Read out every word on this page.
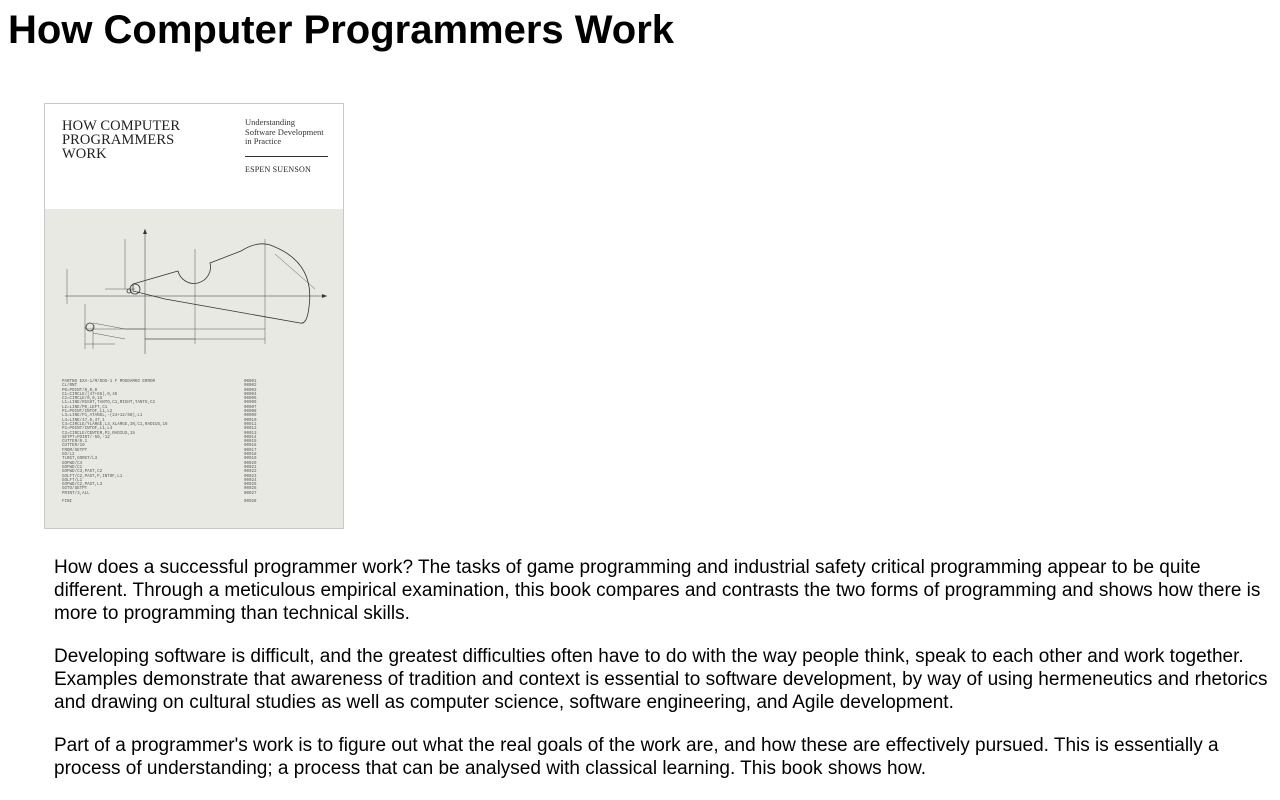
How Computer Programmers Work
HOW COMPUTER
PROGRAMMERS
WORK
Understanding
Software Development
in Practice
ESPEN SUENSON
PARTNO EXA-1/M/DOS-1 F MODDAMKO ERROR	00001
CL/RNT	00002
P0=POINT/0,0,0	00003
C1=CIRCLE/(47+66),0,45	00004
C2=CIRCLE/0,0,15	00005
L1=LINE/RIGHT,TANTO,C1,RIGHT,TANTO,C2	00006
L2=LINE/P0,LEFT,C1	00007
P1=POINT/INTOF,L1,L2	00008
L3=LINE/P1,ATANGL,-(24+12/60),L1	00009
L4=LINE/47,0,47,1	00010
C4=CIRCLE/YLARGE,L3,XLARGE,IN,C1,RADIUS,16	00011
P2=POINT/INTOF,L1,L4	00012
C3=CIRCLE/CENTER,P2,RADIUS,15	00013
SETPT=POINT/-50,-12	00014
CUTTER/0.1	00015
CUTTER/10	00016
FROM/SETPT	00017
GO/L2	00018
TLRGT,GORGT/L3	00019
GOFWD/C4	00020
GOFWD/C1	00021
GOFWD/C3,PAST,C2	00022
GOLFT/C2,PAST,P,INTOF,L1	00023
GOLFT/L1	00024
GOFWD/C2,PAST,L3	00025
GOTO/SETPT	00026
PRINT/3,ALL	00027
FINI	00028

How does a successful programmer work? The tasks of game programming and industrial safety critical programming appear to be quite different. Through a meticulous empirical examination, this book compares and contrasts the two forms of programming and shows how there is more to programming than technical skills.

Developing software is difficult, and the greatest difficulties often have to do with the way people think, speak to each other and work together. Examples demonstrate that awareness of tradition and context is essential to software development, by way of using hermeneutics and rhetorics and drawing on cultural studies as well as computer science, software engineering, and Agile development.

Part of a programmer's work is to figure out what the real goals of the work are, and how these are effectively pursued. This is essentially a process of understanding; a process that can be analysed with classical learning. This book shows how.
